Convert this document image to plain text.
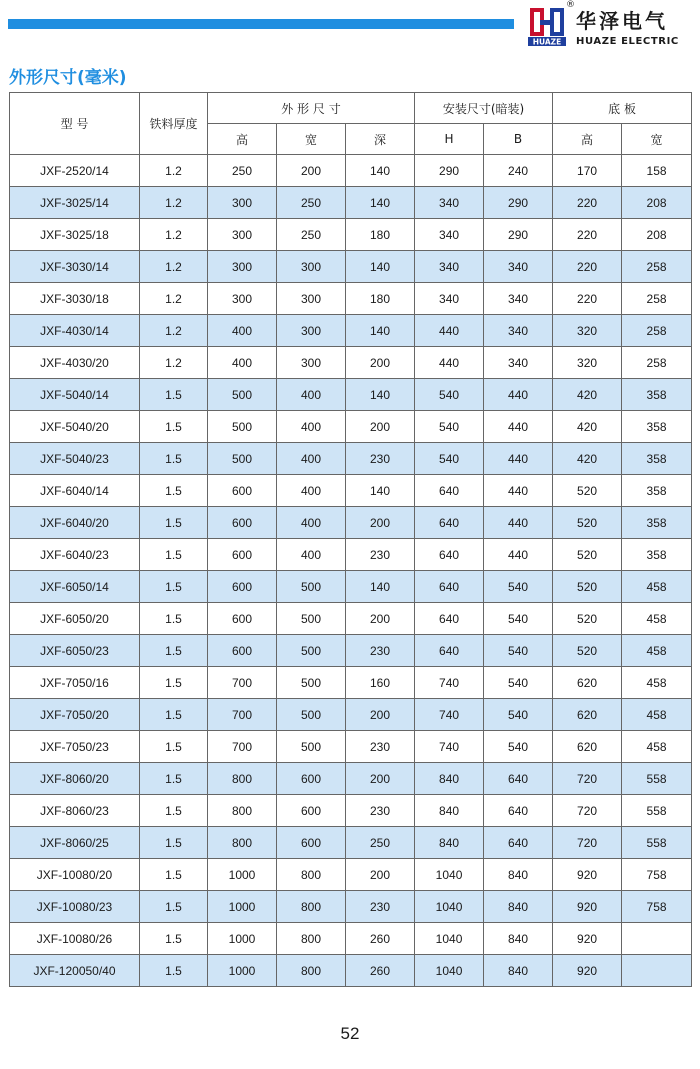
HUAZE
®
华泽电气
HUAZE ELECTRIC
外形尺寸(毫米)
型 号	铁料厚度	外 形 尺 寸			安装尺寸(暗装)		底 板	
		高	宽	深	H	B	高	宽
JXF-2520/14	1.2	250	200	140	290	240	170	158
JXF-3025/14	1.2	300	250	140	340	290	220	208
JXF-3025/18	1.2	300	250	180	340	290	220	208
JXF-3030/14	1.2	300	300	140	340	340	220	258
JXF-3030/18	1.2	300	300	180	340	340	220	258
JXF-4030/14	1.2	400	300	140	440	340	320	258
JXF-4030/20	1.2	400	300	200	440	340	320	258
JXF-5040/14	1.5	500	400	140	540	440	420	358
JXF-5040/20	1.5	500	400	200	540	440	420	358
JXF-5040/23	1.5	500	400	230	540	440	420	358
JXF-6040/14	1.5	600	400	140	640	440	520	358
JXF-6040/20	1.5	600	400	200	640	440	520	358
JXF-6040/23	1.5	600	400	230	640	440	520	358
JXF-6050/14	1.5	600	500	140	640	540	520	458
JXF-6050/20	1.5	600	500	200	640	540	520	458
JXF-6050/23	1.5	600	500	230	640	540	520	458
JXF-7050/16	1.5	700	500	160	740	540	620	458
JXF-7050/20	1.5	700	500	200	740	540	620	458
JXF-7050/23	1.5	700	500	230	740	540	620	458
JXF-8060/20	1.5	800	600	200	840	640	720	558
JXF-8060/23	1.5	800	600	230	840	640	720	558
JXF-8060/25	1.5	800	600	250	840	640	720	558
JXF-10080/20	1.5	1000	800	200	1040	840	920	758
JXF-10080/23	1.5	1000	800	230	1040	840	920	758
JXF-10080/26	1.5	1000	800	260	1040	840	920	
JXF-120050/40	1.5	1000	800	260	1040	840	920	
52
